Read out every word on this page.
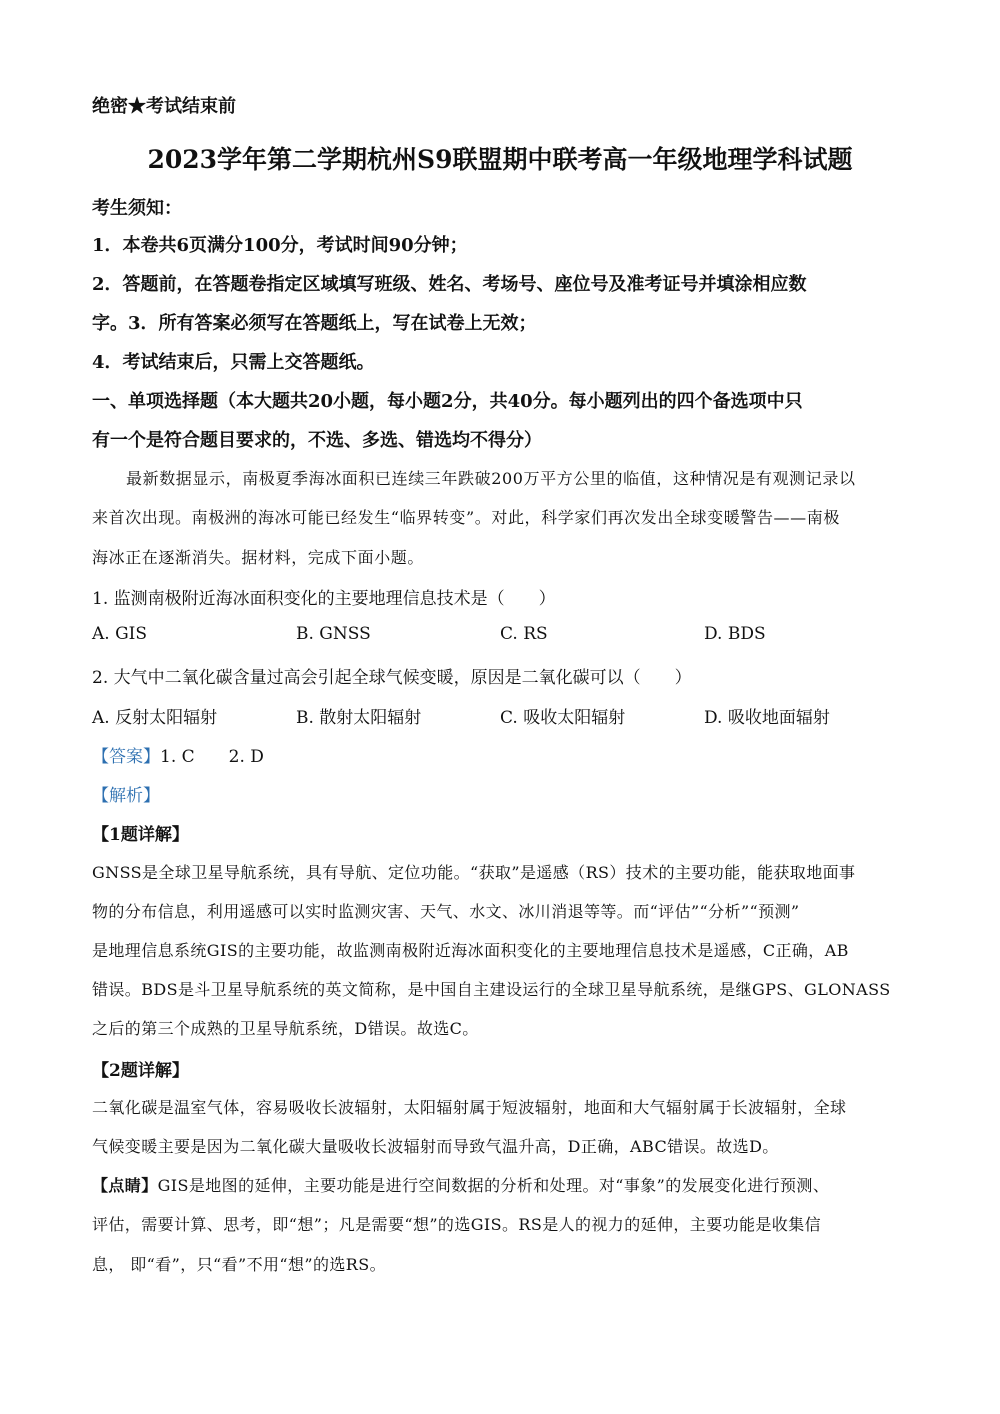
绝密★考试结束前
2023学年第二学期杭州S9联盟期中联考高一年级地理学科试题
考生须知：
1．本卷共6页满分100分，考试时间90分钟；
2．答题前，在答题卷指定区域填写班级、姓名、考场号、座位号及准考证号并填涂相应数
字。3．所有答案必须写在答题纸上，写在试卷上无效；
4．考试结束后，只需上交答题纸。
一、单项选择题（本大题共20小题，每小题2分，共40分。每小题列出的四个备选项中只
有一个是符合题目要求的，不选、多选、错选均不得分）
最新数据显示，南极夏季海冰面积已连续三年跌破200万平方公里的临值，这种情况是有观测记录以
来首次出现。南极洲的海冰可能已经发生“临界转变”。对此，科学家们再次发出全球变暖警告——南极
海冰正在逐渐消失。据材料，完成下面小题。
1. 监测南极附近海冰面积变化的主要地理信息技术是（　　）
A. GIS	B. GNSS	C. RS	D. BDS
2. 大气中二氧化碳含量过高会引起全球气候变暖，原因是二氧化碳可以（　　）
A. 反射太阳辐射	B. 散射太阳辐射	C. 吸收太阳辐射	D. 吸收地面辐射
【答案】1. C　　2. D
【解析】
【1题详解】
GNSS是全球卫星导航系统，具有导航、定位功能。“获取”是遥感（RS）技术的主要功能，能获取地面事
物的分布信息，利用遥感可以实时监测灾害、天气、水文、冰川消退等等。而“评估”“分析”“预测”
是地理信息系统GIS的主要功能，故监测南极附近海冰面积变化的主要地理信息技术是遥感，C正确，AB
错误。BDS是斗卫星导航系统的英文简称，是中国自主建设运行的全球卫星导航系统，是继GPS、GLONASS
之后的第三个成熟的卫星导航系统，D错误。故选C。
【2题详解】
二氧化碳是温室气体，容易吸收长波辐射，太阳辐射属于短波辐射，地面和大气辐射属于长波辐射，全球
气候变暖主要是因为二氧化碳大量吸收长波辐射而导致气温升高，D正确，ABC错误。故选D。
【点睛】GIS是地图的延伸，主要功能是进行空间数据的分析和处理。对“事象”的发展变化进行预测、
评估，需要计算、思考，即“想”；凡是需要“想”的选GIS。RS是人的视力的延伸，主要功能是收集信
息， 即“看”，只“看”不用“想”的选RS。
